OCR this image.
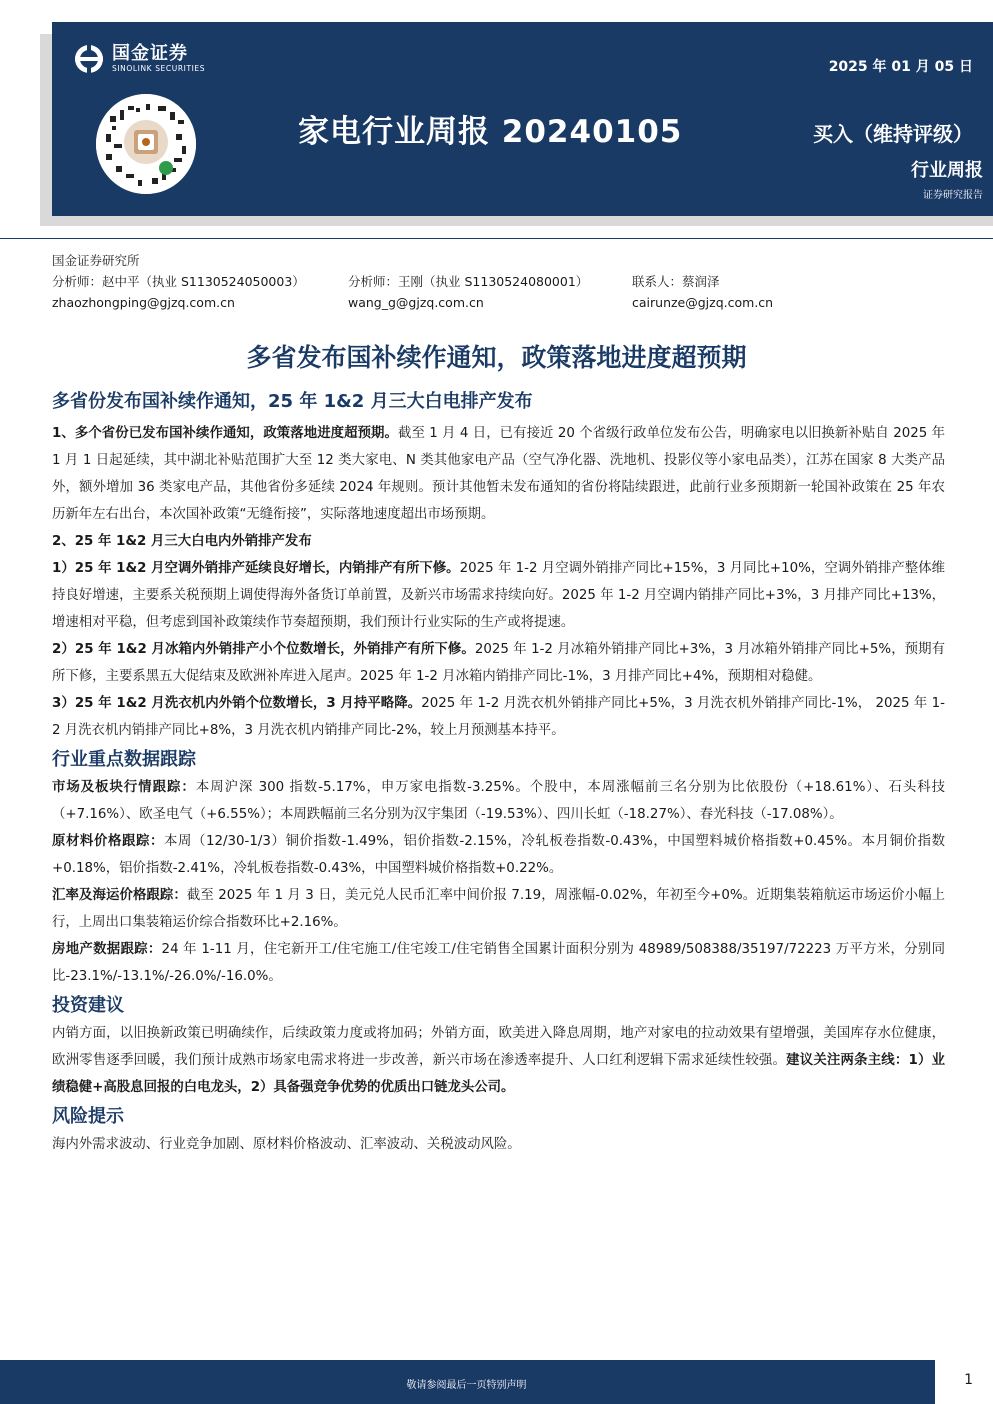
国金证券
SINOLINK SECURITIES	2025 年 01 月 05 日
家电行业周报 20240105	买入（维持评级）
行业周报
证券研究报告
国金证券研究所
分析师：赵中平（执业 S1130524050003）	分析师：王刚（执业 S1130524080001）	联系人：蔡润泽
zhaozhongping@gjzq.com.cn	wang_g@gjzq.com.cn	cairunze@gjzq.com.cn
多省发布国补续作通知，政策落地进度超预期
多省份发布国补续作通知，25 年 1&2 月三大白电排产发布
1、多个省份已发布国补续作通知，政策落地进度超预期。截至 1 月 4 日，已有接近 20 个省级行政单位发布公告，明确家电以旧换新补贴自 2025 年 1 月 1 日起延续，其中湖北补贴范围扩大至 12 类大家电、N 类其他家电产品（空气净化器、洗地机、投影仪等小家电品类），江苏在国家 8 大类产品外，额外增加 36 类家电产品，其他省份多延续 2024 年规则。预计其他暂未发布通知的省份将陆续跟进，此前行业多预期新一轮国补政策在 25 年农历新年左右出台，本次国补政策“无缝衔接”，实际落地速度超出市场预期。
2、25 年 1&2 月三大白电内外销排产发布
1）25 年 1&2 月空调外销排产延续良好增长，内销排产有所下修。2025 年 1-2 月空调外销排产同比+15%，3 月同比+10%，空调外销排产整体维持良好增速，主要系关税预期上调使得海外备货订单前置，及新兴市场需求持续向好。2025 年 1-2 月空调内销排产同比+3%，3 月排产同比+13%，增速相对平稳，但考虑到国补政策续作节奏超预期，我们预计行业实际的生产或将提速。
2）25 年 1&2 月冰箱内外销排产小个位数增长，外销排产有所下修。2025 年 1-2 月冰箱外销排产同比+3%，3 月冰箱外销排产同比+5%，预期有所下修，主要系黑五大促结束及欧洲补库进入尾声。2025 年 1-2 月冰箱内销排产同比-1%，3 月排产同比+4%，预期相对稳健。
3）25 年 1&2 月洗衣机内外销个位数增长，3 月持平略降。2025 年 1-2 月洗衣机外销排产同比+5%，3 月洗衣机外销排产同比-1%， 2025 年 1-2 月洗衣机内销排产同比+8%，3 月洗衣机内销排产同比-2%，较上月预测基本持平。
行业重点数据跟踪
市场及板块行情跟踪：本周沪深 300 指数-5.17%，申万家电指数-3.25%。个股中，本周涨幅前三名分别为比依股份（+18.61%）、石头科技（+7.16%）、欧圣电气（+6.55%）；本周跌幅前三名分别为汉宇集团（-19.53%）、四川长虹（-18.27%）、春光科技（-17.08%）。
原材料价格跟踪：本周（12/30-1/3）铜价指数-1.49%，铝价指数-2.15%，冷轧板卷指数-0.43%，中国塑料城价格指数+0.45%。本月铜价指数+0.18%，铝价指数-2.41%，冷轧板卷指数-0.43%，中国塑料城价格指数+0.22%。
汇率及海运价格跟踪：截至 2025 年 1 月 3 日，美元兑人民币汇率中间价报 7.19，周涨幅-0.02%，年初至今+0%。近期集装箱航运市场运价小幅上行，上周出口集装箱运价综合指数环比+2.16%。
房地产数据跟踪：24 年 1-11 月，住宅新开工/住宅施工/住宅竣工/住宅销售全国累计面积分别为 48989/508388/35197/72223 万平方米，分别同比-23.1%/-13.1%/-26.0%/-16.0%。
投资建议
内销方面，以旧换新政策已明确续作，后续政策力度或将加码；外销方面，欧美进入降息周期，地产对家电的拉动效果有望增强，美国库存水位健康，欧洲零售逐季回暖，我们预计成熟市场家电需求将进一步改善，新兴市场在渗透率提升、人口红利逻辑下需求延续性较强。建议关注两条主线：1）业绩稳健+高股息回报的白电龙头，2）具备强竞争优势的优质出口链龙头公司。
风险提示
海内外需求波动、行业竞争加剧、原材料价格波动、汇率波动、关税波动风险。
敬请参阅最后一页特别声明	1
